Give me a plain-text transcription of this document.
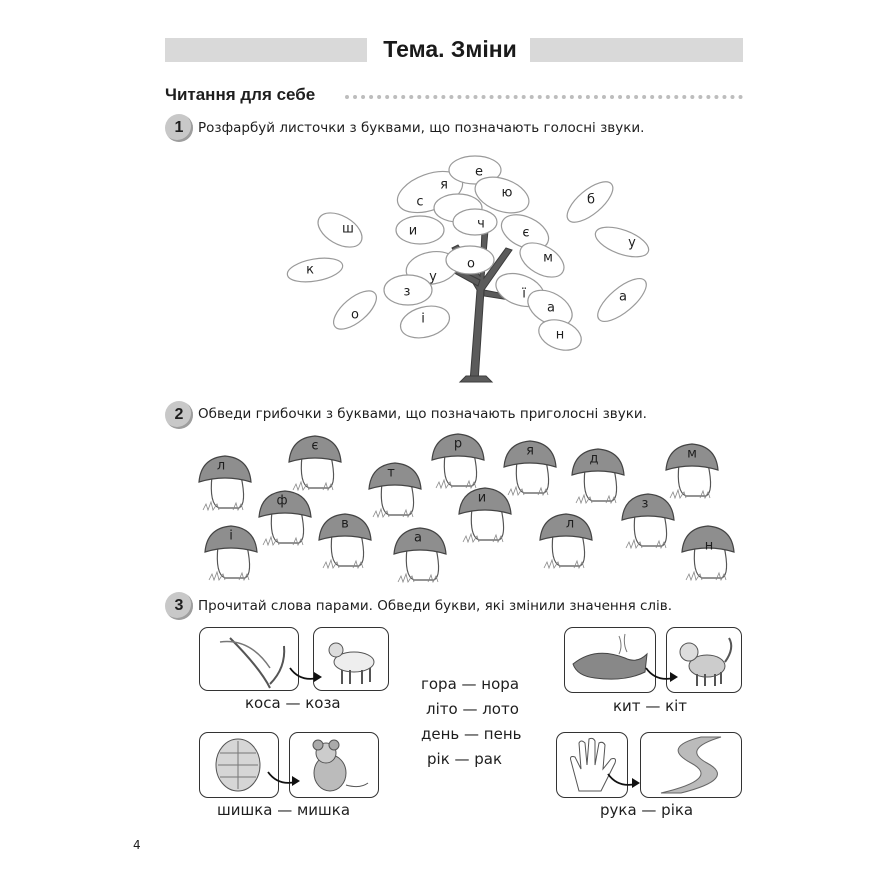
Тема. Зміни
Читання для себе
1	Розфарбуй листочки з буквами, що позначають голосні звуки.
е
я
ю
с	б
ш	и	ч
є
у
к
м
у
о
з	ї	а
а
о	і
н
2	Обведи грибочки з буквами, що позначають приголосні звуки.
є	р	я
л	т
д	м
ф	и	з
і
в
а
л
н
3	Прочитай слова парами. Обведи букви, які змінили значення слів.
коса — коза
шишка — мишка
гора — нора
літо — лото
день — пень
рік — рак
кит — кіт
рука — ріка
4
